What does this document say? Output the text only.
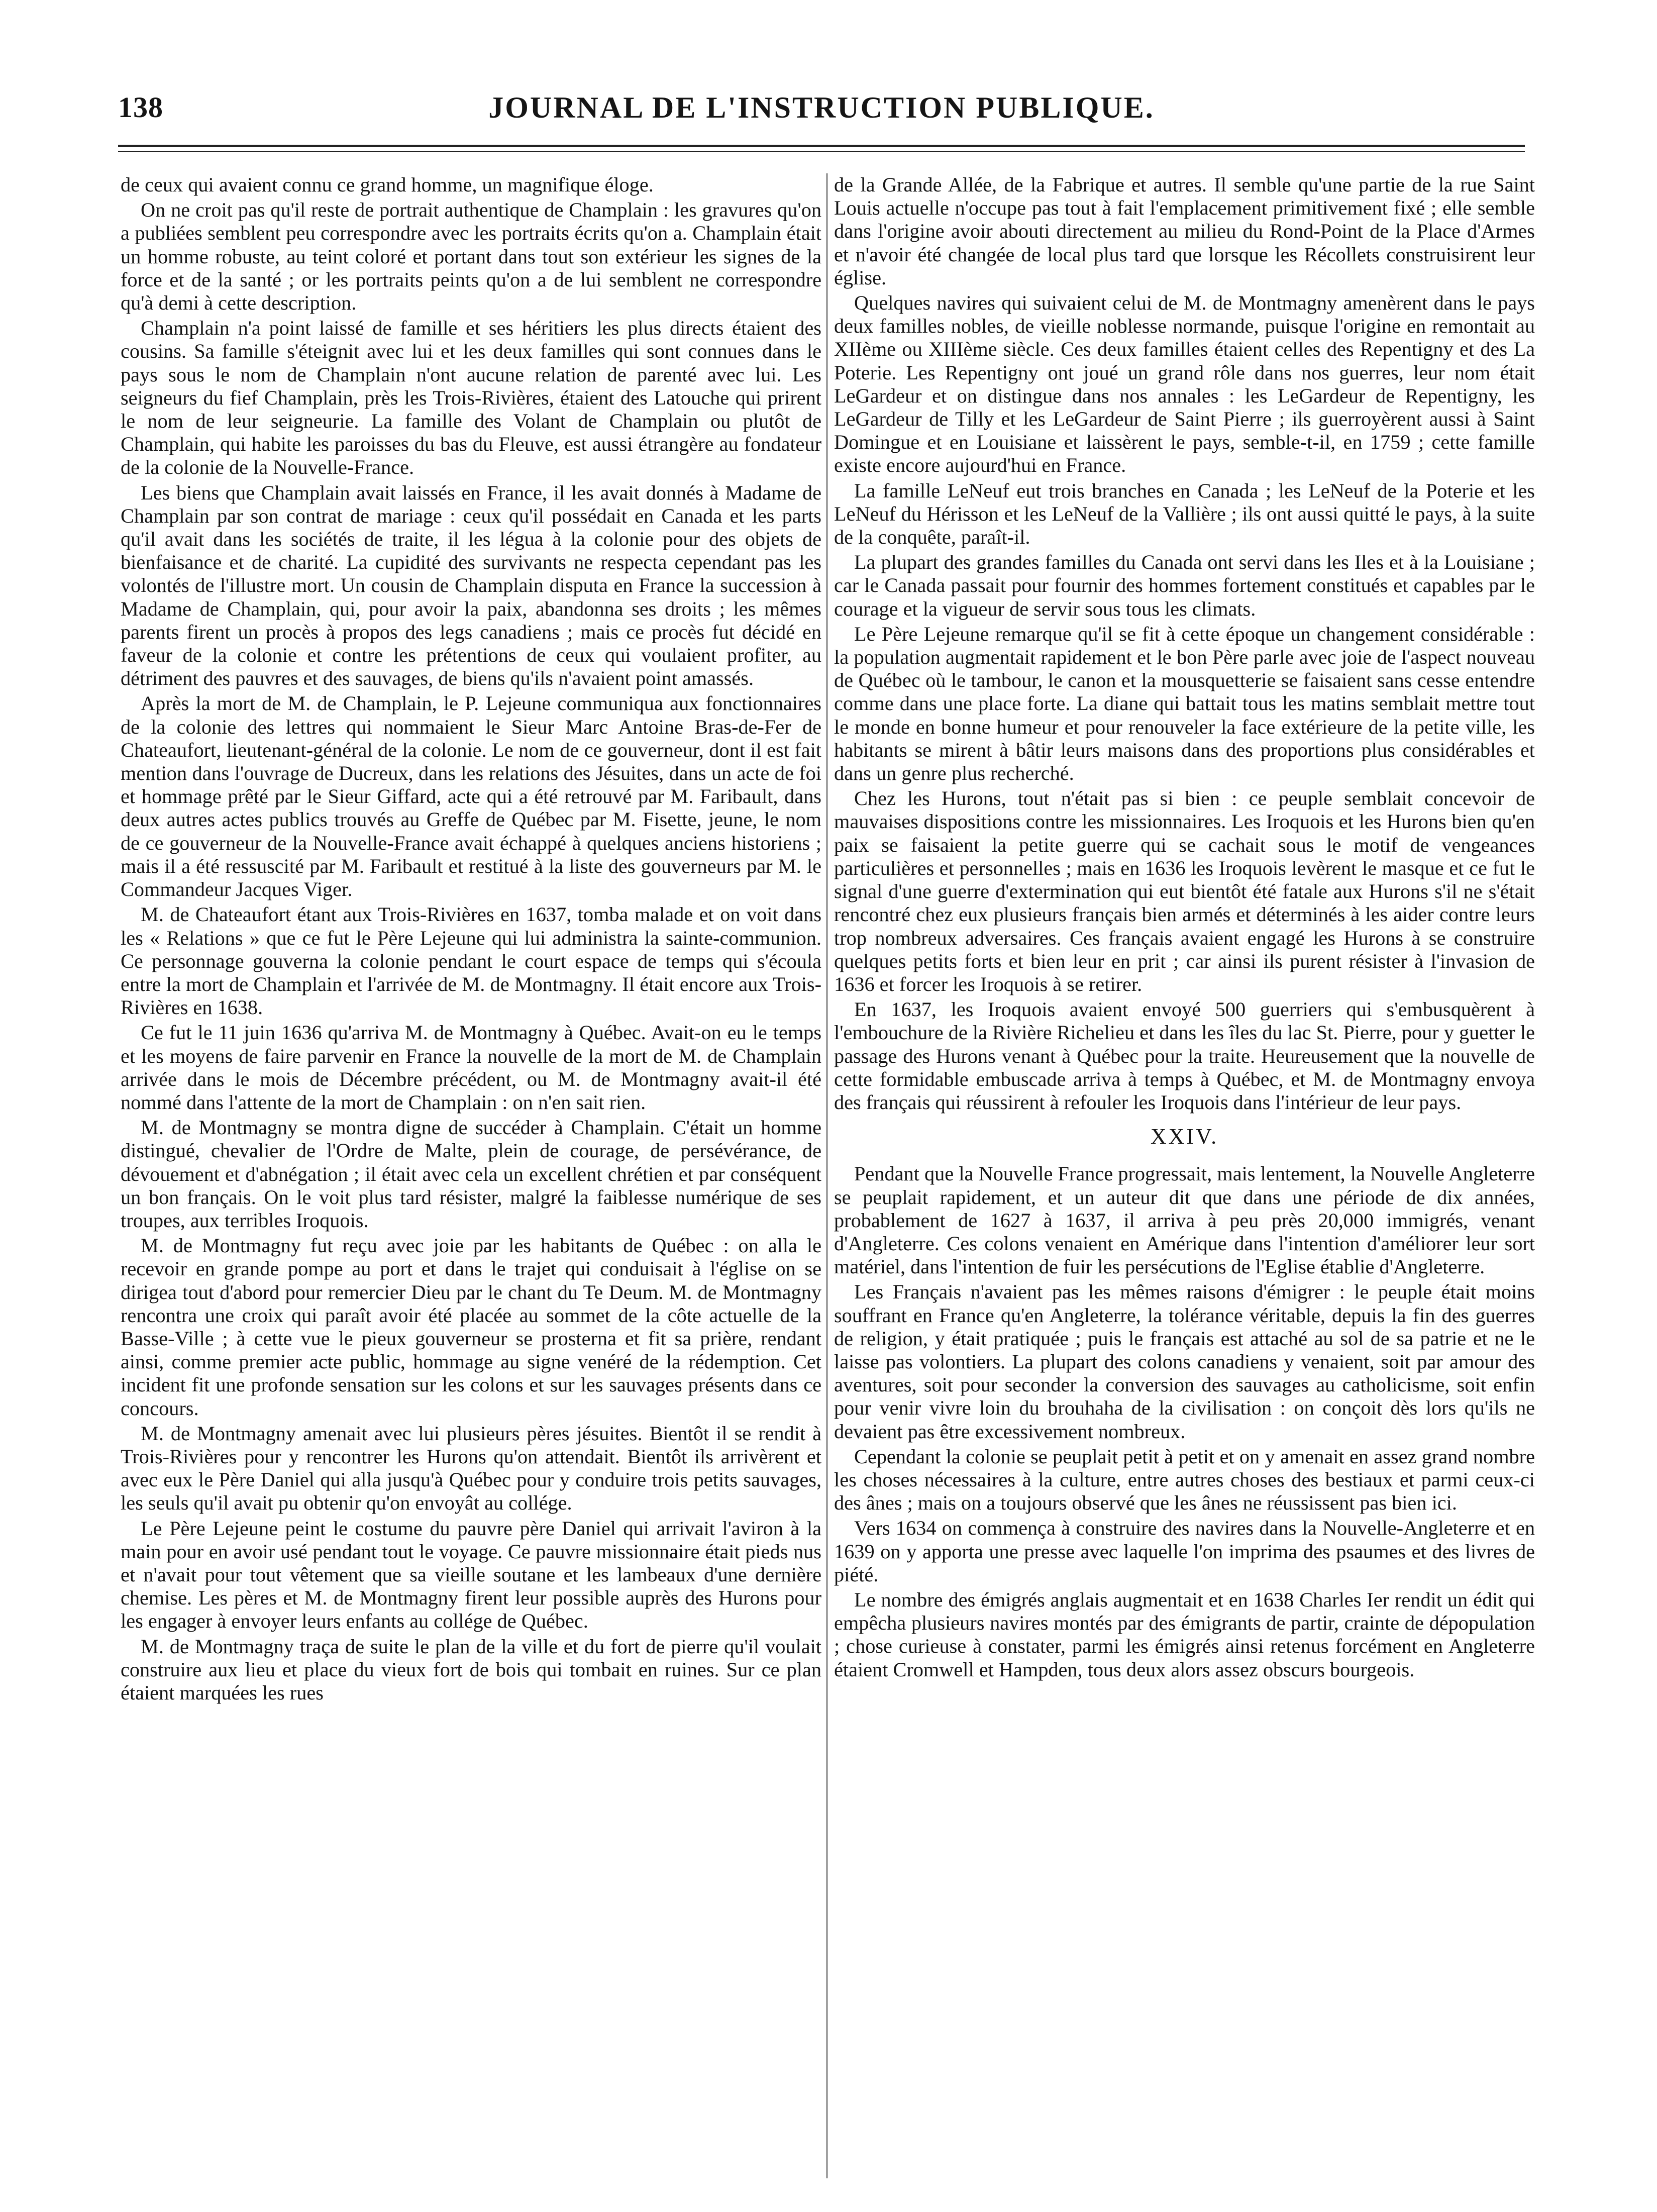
138	JOURNAL DE L'INSTRUCTION PUBLIQUE.

de ceux qui avaient connu ce grand homme, un magnifique éloge.

On ne croit pas qu'il reste de portrait authentique de Champlain : les gravures qu'on a publiées semblent peu correspondre avec les portraits écrits qu'on a. Champlain était un homme robuste, au teint coloré et portant dans tout son extérieur les signes de la force et de la santé ; or les portraits peints qu'on a de lui semblent ne correspondre qu'à demi à cette description.

Champlain n'a point laissé de famille et ses héritiers les plus directs étaient des cousins. Sa famille s'éteignit avec lui et les deux familles qui sont connues dans le pays sous le nom de Champlain n'ont aucune relation de parenté avec lui. Les seigneurs du fief Champlain, près les Trois-Rivières, étaient des Latouche qui prirent le nom de leur seigneurie. La famille des Volant de Champlain ou plutôt de Champlain, qui habite les paroisses du bas du Fleuve, est aussi étrangère au fondateur de la colonie de la Nouvelle-France.

Les biens que Champlain avait laissés en France, il les avait donnés à Madame de Champlain par son contrat de mariage : ceux qu'il possédait en Canada et les parts qu'il avait dans les sociétés de traite, il les légua à la colonie pour des objets de bienfaisance et de charité. La cupidité des survivants ne respecta cependant pas les volontés de l'illustre mort. Un cousin de Champlain disputa en France la succession à Madame de Champlain, qui, pour avoir la paix, abandonna ses droits ; les mêmes parents firent un procès à propos des legs canadiens ; mais ce procès fut décidé en faveur de la colonie et contre les prétentions de ceux qui voulaient profiter, au détriment des pauvres et des sauvages, de biens qu'ils n'avaient point amassés.

Après la mort de M. de Champlain, le P. Lejeune communiqua aux fonctionnaires de la colonie des lettres qui nommaient le Sieur Marc Antoine Bras-de-Fer de Chateaufort, lieutenant-général de la colonie. Le nom de ce gouverneur, dont il est fait mention dans l'ouvrage de Ducreux, dans les relations des Jésuites, dans un acte de foi et hommage prêté par le Sieur Giffard, acte qui a été retrouvé par M. Faribault, dans deux autres actes publics trouvés au Greffe de Québec par M. Fisette, jeune, le nom de ce gouverneur de la Nouvelle-France avait échappé à quelques anciens historiens ; mais il a été ressuscité par M. Faribault et restitué à la liste des gouverneurs par M. le Commandeur Jacques Viger.

M. de Chateaufort étant aux Trois-Rivières en 1637, tomba malade et on voit dans les « Relations » que ce fut le Père Lejeune qui lui administra la sainte-communion. Ce personnage gouverna la colonie pendant le court espace de temps qui s'écoula entre la mort de Champlain et l'arrivée de M. de Montmagny. Il était encore aux Trois-Rivières en 1638.

Ce fut le 11 juin 1636 qu'arriva M. de Montmagny à Québec. Avait-on eu le temps et les moyens de faire parvenir en France la nouvelle de la mort de M. de Champlain arrivée dans le mois de Décembre précédent, ou M. de Montmagny avait-il été nommé dans l'attente de la mort de Champlain : on n'en sait rien.

M. de Montmagny se montra digne de succéder à Champlain. C'était un homme distingué, chevalier de l'Ordre de Malte, plein de courage, de persévérance, de dévouement et d'abnégation ; il était avec cela un excellent chrétien et par conséquent un bon français. On le voit plus tard résister, malgré la faiblesse numérique de ses troupes, aux terribles Iroquois.

M. de Montmagny fut reçu avec joie par les habitants de Québec : on alla le recevoir en grande pompe au port et dans le trajet qui conduisait à l'église on se dirigea tout d'abord pour remercier Dieu par le chant du Te Deum. M. de Montmagny rencontra une croix qui paraît avoir été placée au sommet de la côte actuelle de la Basse-Ville ; à cette vue le pieux gouverneur se prosterna et fit sa prière, rendant ainsi, comme premier acte public, hommage au signe venéré de la rédemption. Cet incident fit une profonde sensation sur les colons et sur les sauvages présents dans ce concours.

M. de Montmagny amenait avec lui plusieurs pères jésuites. Bientôt il se rendit à Trois-Rivières pour y rencontrer les Hurons qu'on attendait. Bientôt ils arrivèrent et avec eux le Père Daniel qui alla jusqu'à Québec pour y conduire trois petits sauvages, les seuls qu'il avait pu obtenir qu'on envoyât au collége.

Le Père Lejeune peint le costume du pauvre père Daniel qui arrivait l'aviron à la main pour en avoir usé pendant tout le voyage. Ce pauvre missionnaire était pieds nus et n'avait pour tout vêtement que sa vieille soutane et les lambeaux d'une dernière chemise. Les pères et M. de Montmagny firent leur possible auprès des Hurons pour les engager à envoyer leurs enfants au collége de Québec.

M. de Montmagny traça de suite le plan de la ville et du fort de pierre qu'il voulait construire aux lieu et place du vieux fort de bois qui tombait en ruines. Sur ce plan étaient marquées les rues

de la Grande Allée, de la Fabrique et autres. Il semble qu'une partie de la rue Saint Louis actuelle n'occupe pas tout à fait l'emplacement primitivement fixé ; elle semble dans l'origine avoir abouti directement au milieu du Rond-Point de la Place d'Armes et n'avoir été changée de local plus tard que lorsque les Récollets construisirent leur église.

Quelques navires qui suivaient celui de M. de Montmagny amenèrent dans le pays deux familles nobles, de vieille noblesse normande, puisque l'origine en remontait au XIIème ou XIIIème siècle. Ces deux familles étaient celles des Repentigny et des La Poterie. Les Repentigny ont joué un grand rôle dans nos guerres, leur nom était LeGardeur et on distingue dans nos annales : les LeGardeur de Repentigny, les LeGardeur de Tilly et les LeGardeur de Saint Pierre ; ils guerroyèrent aussi à Saint Domingue et en Louisiane et laissèrent le pays, semble-t-il, en 1759 ; cette famille existe encore aujourd'hui en France.

La famille LeNeuf eut trois branches en Canada ; les LeNeuf de la Poterie et les LeNeuf du Hérisson et les LeNeuf de la Vallière ; ils ont aussi quitté le pays, à la suite de la conquête, paraît-il.

La plupart des grandes familles du Canada ont servi dans les Iles et à la Louisiane ; car le Canada passait pour fournir des hommes fortement constitués et capables par le courage et la vigueur de servir sous tous les climats.

Le Père Lejeune remarque qu'il se fit à cette époque un changement considérable : la population augmentait rapidement et le bon Père parle avec joie de l'aspect nouveau de Québec où le tambour, le canon et la mousquetterie se faisaient sans cesse entendre comme dans une place forte. La diane qui battait tous les matins semblait mettre tout le monde en bonne humeur et pour renouveler la face extérieure de la petite ville, les habitants se mirent à bâtir leurs maisons dans des proportions plus considérables et dans un genre plus recherché.

Chez les Hurons, tout n'était pas si bien : ce peuple semblait concevoir de mauvaises dispositions contre les missionnaires. Les Iroquois et les Hurons bien qu'en paix se faisaient la petite guerre qui se cachait sous le motif de vengeances particulières et personnelles ; mais en 1636 les Iroquois levèrent le masque et ce fut le signal d'une guerre d'extermination qui eut bientôt été fatale aux Hurons s'il ne s'était rencontré chez eux plusieurs français bien armés et déterminés à les aider contre leurs trop nombreux adversaires. Ces français avaient engagé les Hurons à se construire quelques petits forts et bien leur en prit ; car ainsi ils purent résister à l'invasion de 1636 et forcer les Iroquois à se retirer.

En 1637, les Iroquois avaient envoyé 500 guerriers qui s'embusquèrent à l'embouchure de la Rivière Richelieu et dans les îles du lac St. Pierre, pour y guetter le passage des Hurons venant à Québec pour la traite. Heureusement que la nouvelle de cette formidable embuscade arriva à temps à Québec, et M. de Montmagny envoya des français qui réussirent à refouler les Iroquois dans l'intérieur de leur pays.

XXIV.

Pendant que la Nouvelle France progressait, mais lentement, la Nouvelle Angleterre se peuplait rapidement, et un auteur dit que dans une période de dix années, probablement de 1627 à 1637, il arriva à peu près 20,000 immigrés, venant d'Angleterre. Ces colons venaient en Amérique dans l'intention d'améliorer leur sort matériel, dans l'intention de fuir les persécutions de l'Eglise établie d'Angleterre.

Les Français n'avaient pas les mêmes raisons d'émigrer : le peuple était moins souffrant en France qu'en Angleterre, la tolérance véritable, depuis la fin des guerres de religion, y était pratiquée ; puis le français est attaché au sol de sa patrie et ne le laisse pas volontiers. La plupart des colons canadiens y venaient, soit par amour des aventures, soit pour seconder la conversion des sauvages au catholicisme, soit enfin pour venir vivre loin du brouhaha de la civilisation : on conçoit dès lors qu'ils ne devaient pas être excessivement nombreux.

Cependant la colonie se peuplait petit à petit et on y amenait en assez grand nombre les choses nécessaires à la culture, entre autres choses des bestiaux et parmi ceux-ci des ânes ; mais on a toujours observé que les ânes ne réussissent pas bien ici.

Vers 1634 on commença à construire des navires dans la Nouvelle-Angleterre et en 1639 on y apporta une presse avec laquelle l'on imprima des psaumes et des livres de piété.

Le nombre des émigrés anglais augmentait et en 1638 Charles Ier rendit un édit qui empêcha plusieurs navires montés par des émigrants de partir, crainte de dépopulation ; chose curieuse à constater, parmi les émigrés ainsi retenus forcément en Angleterre étaient Cromwell et Hampden, tous deux alors assez obscurs bourgeois.
